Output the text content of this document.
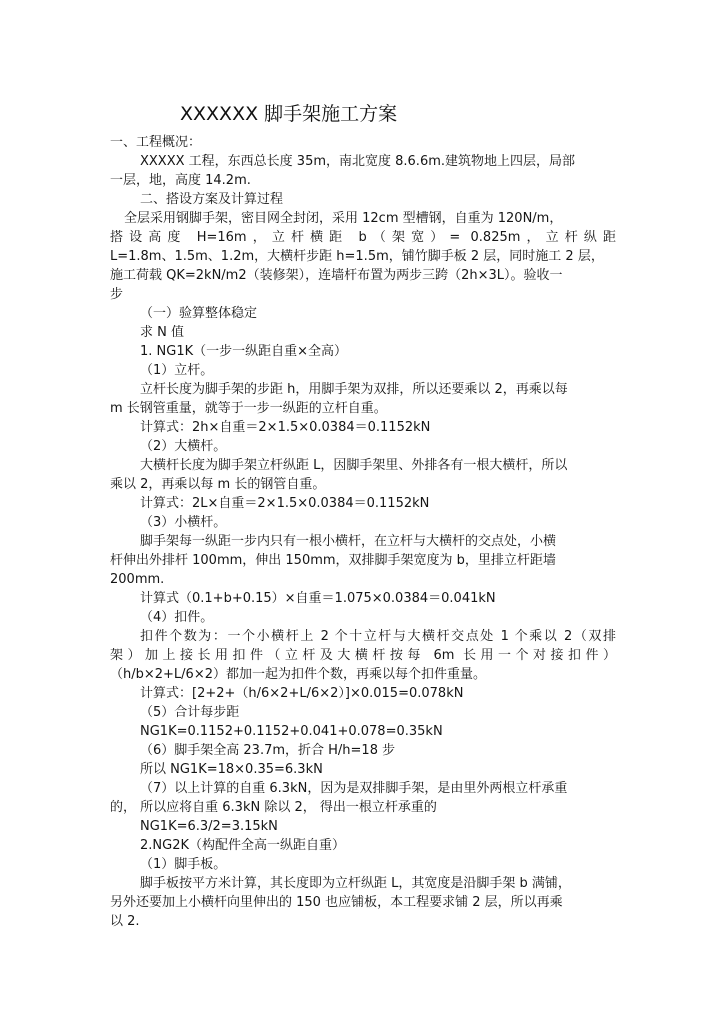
XXXXXX 脚手架施工方案
一、工程概况：
XXXXX 工程，东西总长度 35m，南北宽度 8.6.6m.建筑物地上四层，局部
一层，地，高度 14.2m.
二、搭设方案及计算过程
全层采用钢脚手架，密目网全封闭，采用 12cm 型槽钢，自重为 120N/m，
搭设高度 H=16m，立杆横距 b（架宽）= 0.825m，立杆纵距
L=1.8m、1.5m、1.2m，大横杆步距 h=1.5m，铺竹脚手板 2 层，同时施工 2 层，
施工荷载 QK=2kN/m2（装修架），连墙杆布置为两步三跨（2h×3L）。验收一
步
（一）验算整体稳定
求 N 值
1. NG1K（一步一纵距自重×全高）
（1）立杆。
立杆长度为脚手架的步距 h，用脚手架为双排，所以还要乘以 2，再乘以每
m 长钢管重量，就等于一步一纵距的立杆自重。
计算式：2h×自重＝2×1.5×0.0384＝0.1152kN
（2）大横杆。
大横杆长度为脚手架立杆纵距 L，因脚手架里、外排各有一根大横杆，所以
乘以 2，再乘以每 m 长的钢管自重。
计算式：2L×自重＝2×1.5×0.0384＝0.1152kN
（3）小横杆。
脚手架每一纵距一步内只有一根小横杆，在立杆与大横杆的交点处，小横
杆伸出外排杆 100mm，伸出 150mm，双排脚手架宽度为 b，里排立杆距墙
200mm.
计算式（0.1+b+0.15）×自重＝1.075×0.0384＝0.041kN
（4）扣件。
扣件个数为：一个小横杆上 2 个十立杆与大横杆交点处 1 个乘以 2（双排
架）加上接长用扣件（立杆及大横杆按每 6m 长用一个对接扣件）
（h/b×2+L/6×2）都加一起为扣件个数，再乘以每个扣件重量。
计算式：[2+2+（h/6×2+L/6×2）]×0.015=0.078kN
（5）合计每步距
NG1K=0.1152+0.1152+0.041+0.078=0.35kN
（6）脚手架全高 23.7m，折合 H/h=18 步
所以 NG1K=18×0.35=6.3kN
（7）以上计算的自重 6.3kN，因为是双排脚手架，是由里外两根立杆承重
的， 所以应将自重 6.3kN 除以 2， 得出一根立杆承重的
NG1K=6.3/2=3.15kN
2.NG2K（构配件全高一纵距自重）
（1）脚手板。
脚手板按平方米计算，其长度即为立杆纵距 L，其宽度是沿脚手架 b 满铺，
另外还要加上小横杆向里伸出的 150 也应铺板，本工程要求铺 2 层，所以再乘
以 2.
